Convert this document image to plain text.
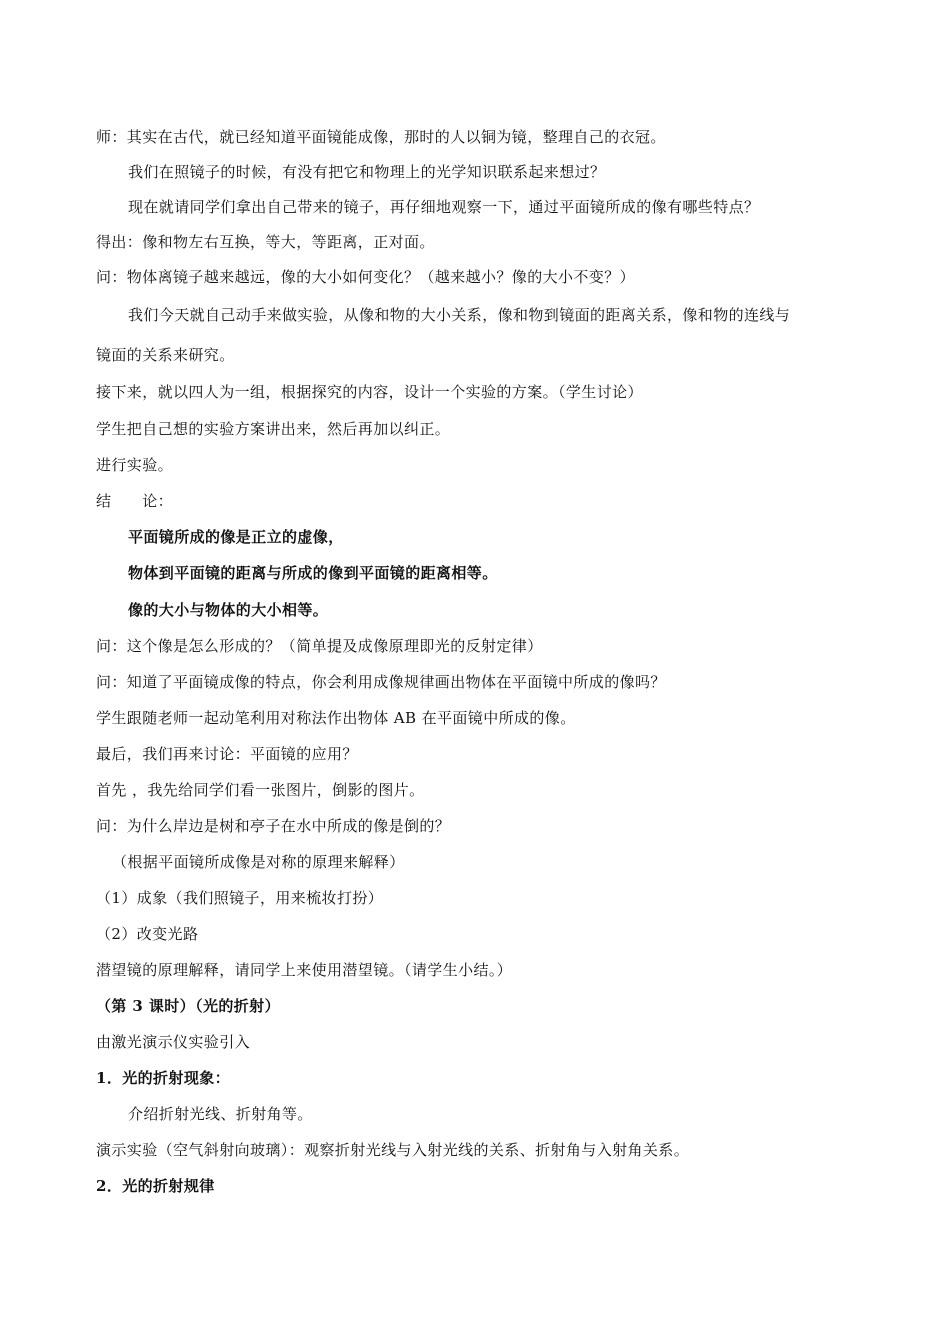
师：其实在古代，就已经知道平面镜能成像，那时的人以铜为镜，整理自己的衣冠。
我们在照镜子的时候，有没有把它和物理上的光学知识联系起来想过？
现在就请同学们拿出自己带来的镜子，再仔细地观察一下，通过平面镜所成的像有哪些特点？
得出：像和物左右互换，等大，等距离，正对面。
问：物体离镜子越来越远，像的大小如何变化？（越来越小？像的大小不变？）
我们今天就自己动手来做实验，从像和物的大小关系，像和物到镜面的距离关系，像和物的连线与
镜面的关系来研究。
接下来，就以四人为一组，根据探究的内容，设计一个实验的方案。（学生讨论）
学生把自己想的实验方案讲出来，然后再加以纠正。
进行实验。
结　　论：
平面镜所成的像是正立的虚像，
物体到平面镜的距离与所成的像到平面镜的距离相等。
像的大小与物体的大小相等。
问：这个像是怎么形成的？（简单提及成像原理即光的反射定律）
问：知道了平面镜成像的特点，你会利用成像规律画出物体在平面镜中所成的像吗？
学生跟随老师一起动笔利用对称法作出物体 AB 在平面镜中所成的像。
最后，我们再来讨论：平面镜的应用？
首先 ，我先给同学们看一张图片，倒影的图片。
问：为什么岸边是树和亭子在水中所成的像是倒的？
（根据平面镜所成像是对称的原理来解释）
（1）成象（我们照镜子，用来梳妆打扮）
（2）改变光路
潜望镜的原理解释，请同学上来使用潜望镜。（请学生小结。）
（第 3 课时）（光的折射）
由激光演示仪实验引入
1．光的折射现象：
介绍折射光线、折射角等。
演示实验（空气斜射向玻璃）：观察折射光线与入射光线的关系、折射角与入射角关系。
2．光的折射规律
